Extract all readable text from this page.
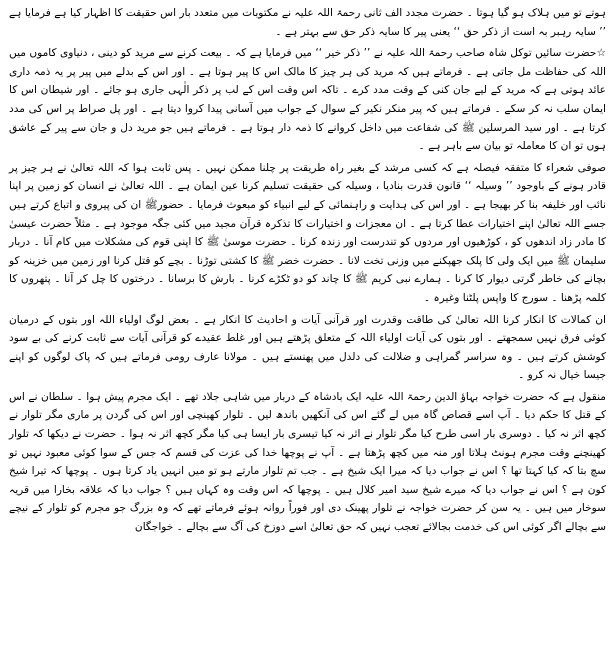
ہوتے تو میں ہلاک ہو گیا ہوتا ۔ حضرت مجدد الف ثانی رحمۃ اللہ علیہ نے مکتوبات میں متعدد بار اس حقیقت کا اظہار کیا ہے فرمایا ہے ’’ سایہ رہبر بہ است از ذکر حق ‘‘ یعنی پیر کا سایہ ذکر حق سے بہتر ہے ۔

☆حضرت سائیں توکل شاہ صاحب رحمۃ اللہ علیہ نے ’’ ذکر خیر ‘‘ میں فرمایا ہے کہ ۔ بیعت کرنے سے مرید کو دینی ، دنیاوی کاموں میں اللہ کی حفاظت مل جاتی ہے ۔ فرماتے ہیں کہ مرید کی ہر چیز کا مالک اس کا پیر ہوتا ہے ۔ اور اس کے بدلے میں پیر پر یہ ذمہ داری عائد ہوتی ہے کہ مرید کے لیے جان کنی کے وقت مدد کرے ۔ تاکہ اس وقت اس کے لب پر ذکر الٰہی جاری ہو جائے ۔ اور شیطان اس کا ایمان سلب نہ کر سکے ۔ فرماتے ہیں کہ پیر منکر نکیر کے سوال کے جواب میں آسانی پیدا کروا دیتا ہے ۔ اور پل صراط پر اس کی مدد کرتا ہے ۔ اور سید المرسلین ﷺ کی شفاعت میں داخل کروانے کا ذمہ دار ہوتا ہے ۔ فرماتے ہیں جو مرید دل و جان سے پیر کے عاشق ہوں تو ان کا معاملہ تو بیان سے باہر ہے ۔

صوفی شعراء کا متفقہ فیصلہ ہے کہ کسی مرشد کے بغیر راہ طریقت پر چلنا ممکن نہیں ۔ پس ثابت ہوا کہ اللہ تعالیٰ نے ہر چیز پر قادر ہونے کے باوجود ’’ وسیلہ ‘‘ قانون قدرت بنادیا ، وسیلہ کی حقیقت تسلیم کرنا عین ایمان ہے ۔ اللہ تعالیٰ نے انسان کو زمین پر اپنا نائب اور خلیفہ بنا کر بھیجا ہے ۔ اور اس کی ہدایت و راہنمائی کے لیے انبیاء کو مبعوث فرمایا ۔ حضورﷺ ان کی پیروی و اتباع کرتے ہیں جسے اللہ تعالیٰ اپنے اختیارات عطا کرتا ہے ۔ ان معجزات و اختیارات کا تذکرہ قرآن مجید میں کئی جگہ موجود ہے ۔ مثلاً حضرت عیسیٰ کا مادر زاد اندھوں کو ، کوڑھیوں اور مردوں کو تندرست اور زندہ کرنا ۔ حضرت موسیٰ ﷺ کا اپنی قوم کی مشکلات میں کام آنا ۔ دربار سلیمان ﷺ میں ایک ولی کا پلک جھپکنے میں وزنی تخت لانا ۔ حضرت خضر ﷺ کا کشتی توڑنا ۔ بچے کو قتل کرنا اور زمین میں خزینہ کو بچانے کی خاطر گرتی دیوار کا کرنا ۔ ہمارے نبی کریم ﷺ کا چاند کو دو ٹکڑے کرنا ۔ بارش کا برسانا ۔ درختوں کا چل کر آنا ۔ پتھروں کا کلمہ پڑھنا ۔ سورج کا واپس پلٹنا وغیرہ ۔

ان کمالات کا انکار کرنا اللہ تعالیٰ کی طاقت وقدرت اور قرآنی آیات و احادیث کا انکار ہے ۔ بعض لوگ اولیاء اللہ اور بتوں کے درمیان کوئی فرق نہیں سمجھتے ۔ اور بتوں کی آیات اولیاء اللہ کے متعلق پڑھتے ہیں اور غلط عقیدے کو قرآنی آیات سے ثابت کرنے کی بے سود کوشش کرتے ہیں ۔ وہ سراسر گمراہی و ضلالت کی دلدل میں پھنستے ہیں ۔ مولانا عارف رومی فرماتے ہیں کہ پاک لوگوں کو اپنے جیسا خیال نہ کرو ۔

منقول ہے کہ حضرت خواجہ بہاؤ الدین رحمۃ اللہ علیہ ایک بادشاہ کے دربار میں شاہی جلاد تھے ۔ ایک مجرم پیش ہوا ۔ سلطان نے اس کے قتل کا حکم دیا ۔ آپ اسے قصاص گاہ میں لے گئے اس کی آنکھیں باندھ لیں ۔ تلوار کھینچی اور اس کی گردن پر ماری مگر تلوار نے کچھ اثر نہ کیا ۔ دوسری بار اسی طرح کیا مگر تلوار نے اثر نہ کیا تیسری بار ایسا ہی کیا مگر کچھ اثر نہ ہوا ۔ حضرت نے دیکھا کہ تلوار کھینچنے وقت مجرم ہونٹ ہلاتا اور منہ میں کچھ پڑھتا ہے ۔ آپ نے پوچھا خدا کی عزت کی قسم کہ جس کے سوا کوئی معبود نہیں تو سچ بتا کہ کیا کہتا تھا ؟ اس نے جواب دیا کہ میرا ایک شیخ ہے ۔ جب تم تلوار مارتے ہو تو میں انہیں یاد کرتا ہوں ۔ پوچھا کہ تیرا شیخ کون ہے ؟ اس نے جواب دیا کہ میرے شیخ سید امیر کلال ہیں ۔ پوچھا کہ اس وقت وہ کہاں ہیں ؟ جواب دیا کہ علاقہ بخارا میں قریہ سوخار میں ہیں ۔ یہ سن کر حضرت خواجہ نے تلوار پھینک دی اور فوراً روانہ ہوئے فرماتے تھے کہ وہ بزرگ جو مجرم کو تلوار کے نیچے سے بچالے اگر کوئی اس کی خدمت بجالائے تعجب نہیں کہ حق تعالیٰ اسے دوزخ کی آگ سے بچالے ۔ خواجگان
